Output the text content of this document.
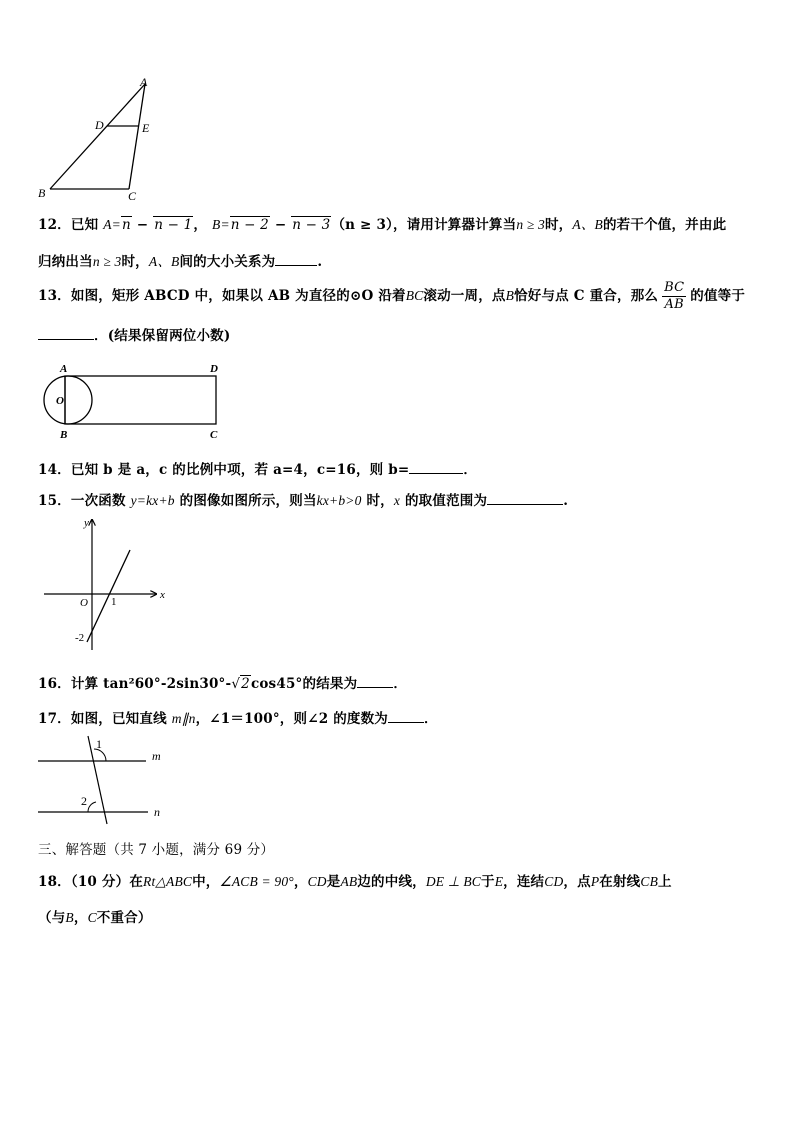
A
D	E
B	C
12．已知 A=n − n − 1， B=n − 2 − n − 3（n ≥ 3），请用计算器计算当n ≥ 3时，A、B的若干个值，并由此
归纳出当n ≥ 3时，A、B间的大小关系为	.
13．如图，矩形 ABCD 中，如果以 AB 为直径的⊙O 沿着BC滚动一周，点B恰好与点 C 重合，那么 $\frac{BC}{AB}$ 的值等于
．(结果保留两位小数)
A	D
O
B	C
14．已知 b 是 a，c 的比例中项，若 a=4，c=16，则 b=	．
15．一次函数 y=kx+b 的图像如图所示，则当kx+b>0 时，x 的取值范围为	.
y
x
O 1
-2
16．计算 tan²60°-2sin30°-√2cos45°的结果为	．
17．如图，已知直线 m∥n，∠1＝100°，则∠2 的度数为	．
1
2
m
n
三、解答题（共 7 小题，满分 69 分）
18．（10 分）在Rt△ABC中，∠ACB = 90°，CD是AB边的中线，DE ⊥ BC于E，连结CD，点P在射线CB上
（与B，C不重合）
